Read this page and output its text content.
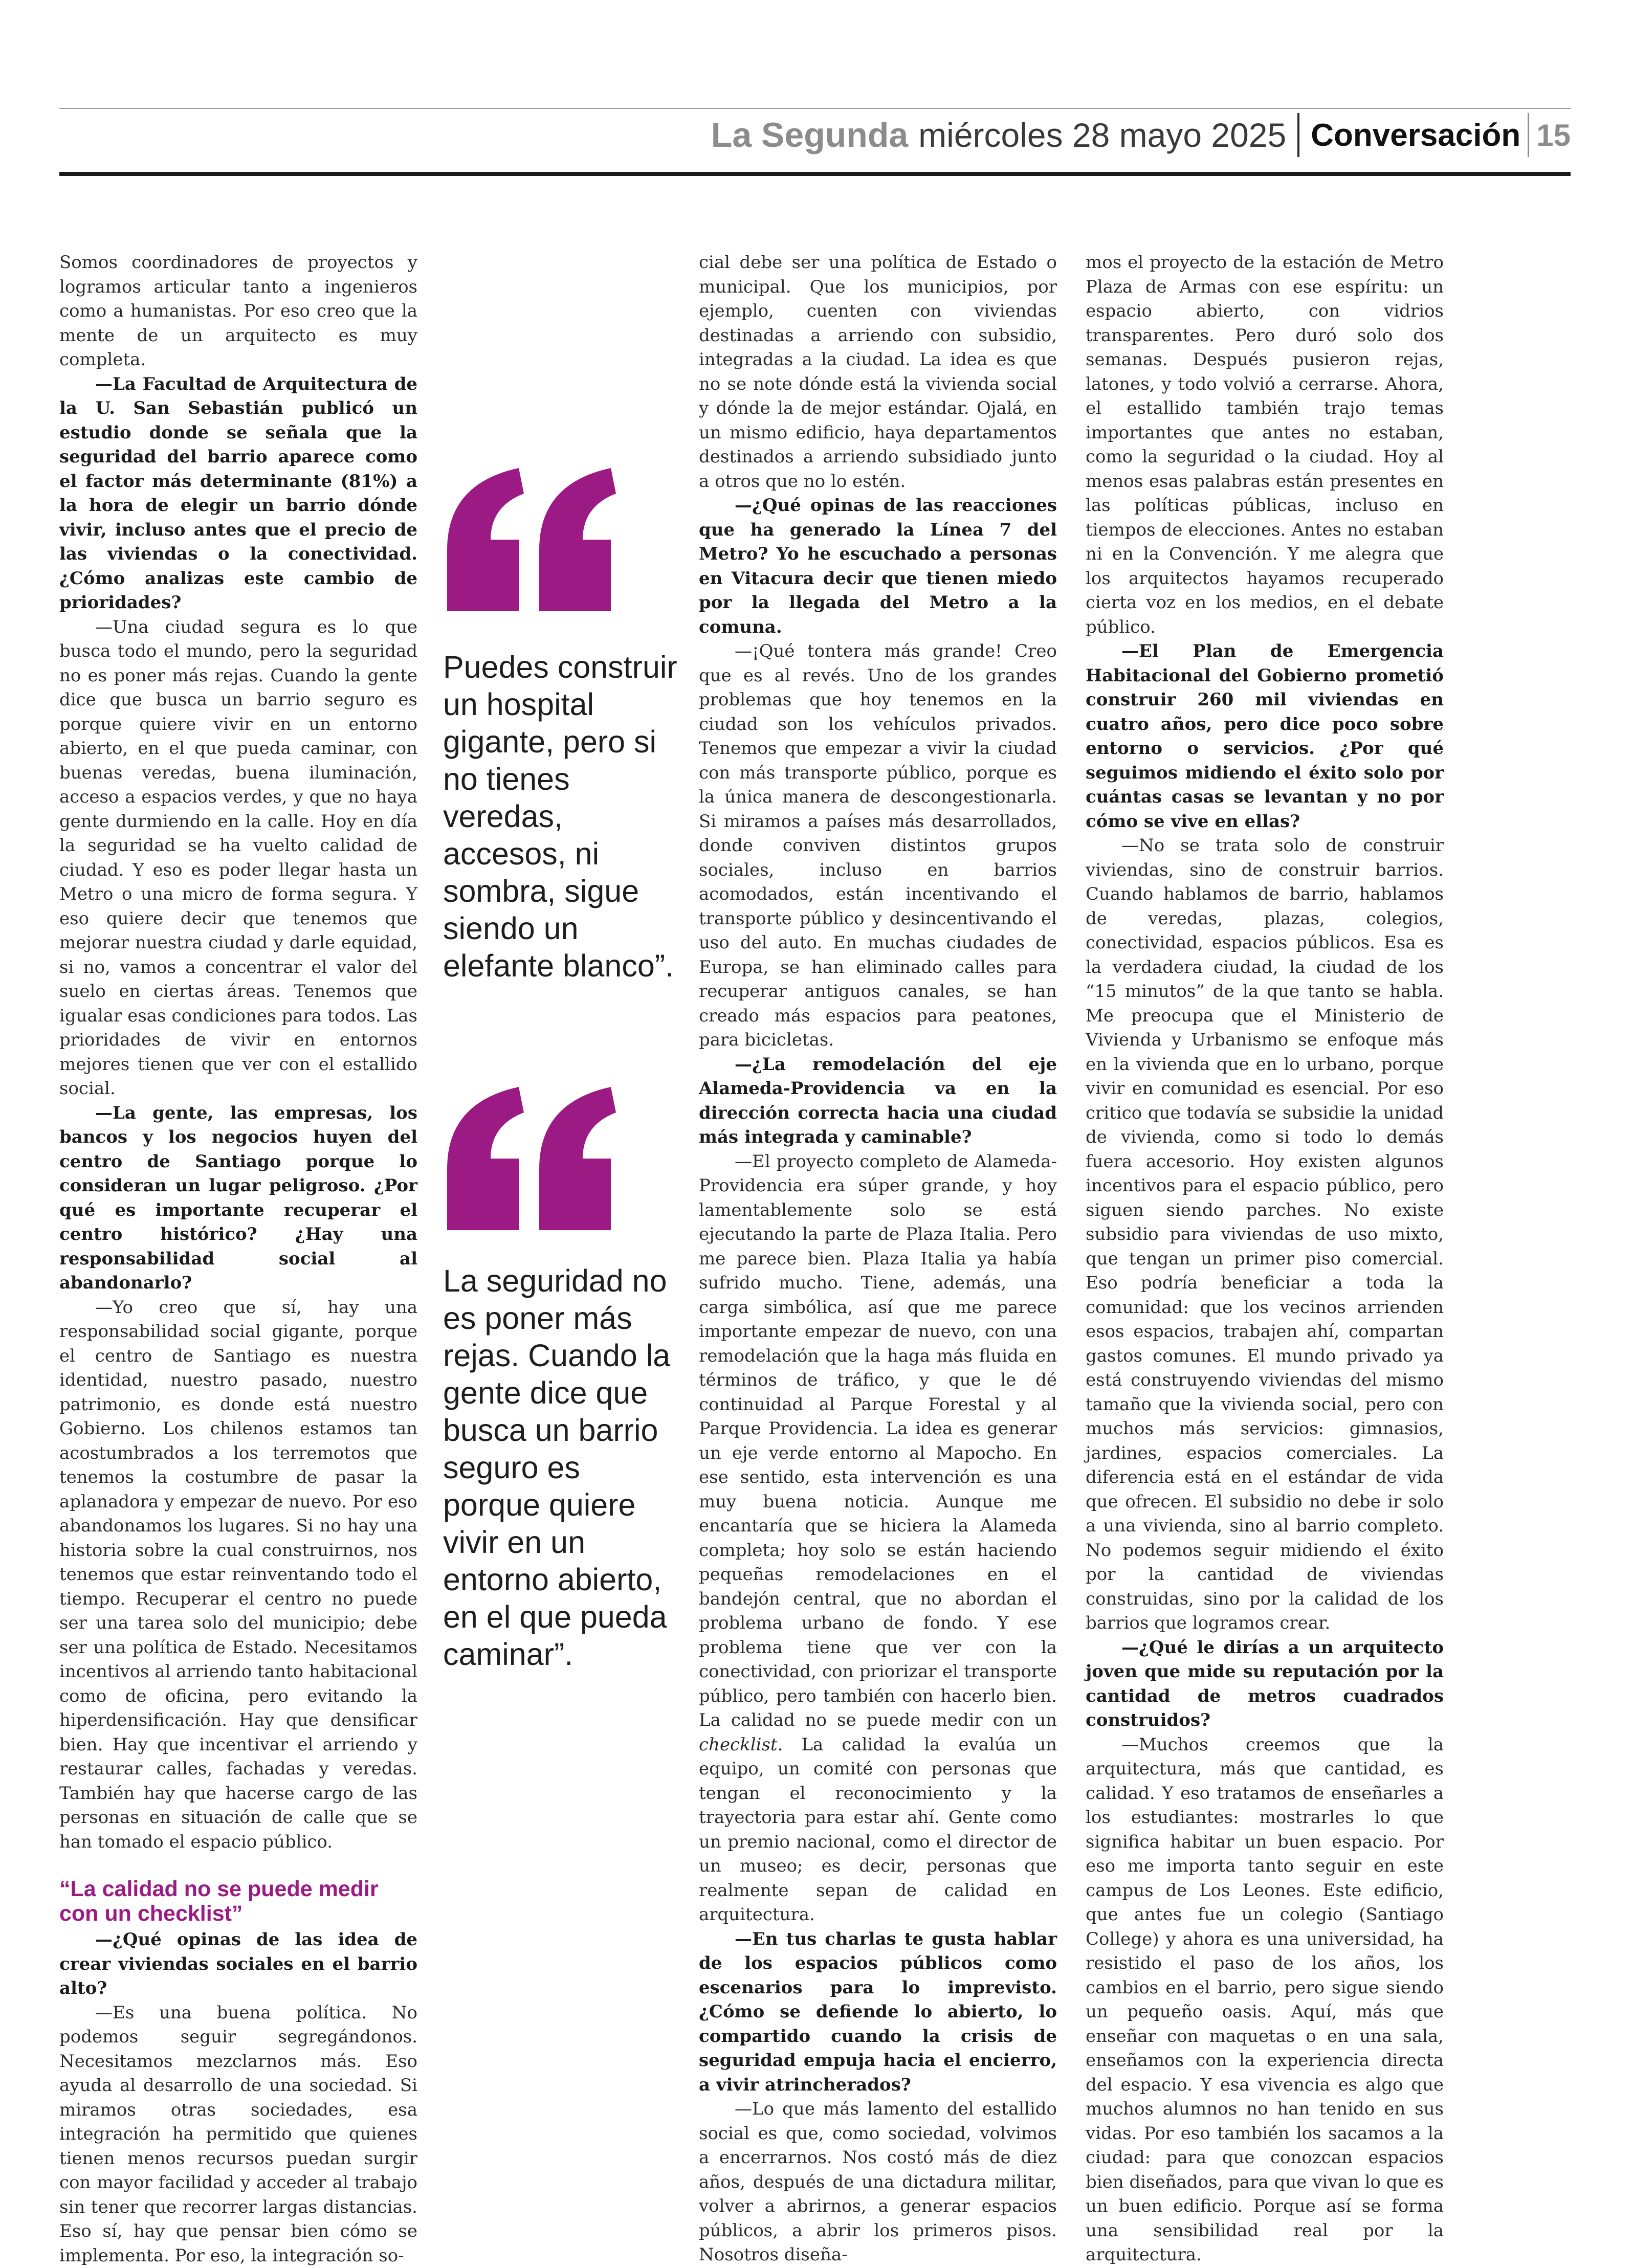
La Segunda miércoles 28 mayo 2025 Conversación 15

Somos coordinadores de proyectos y logramos articular tanto a ingenieros como a humanistas. Por eso creo que la mente de un arquitecto es muy completa.

—La Facultad de Arquitectura de la U. San Sebastián publicó un estudio donde se señala que la seguridad del barrio aparece como el factor más determinante (81%) a la hora de elegir un barrio dónde vivir, incluso antes que el precio de las viviendas o la conectividad. ¿Cómo analizas este cambio de prioridades?

—Una ciudad segura es lo que busca todo el mundo, pero la seguridad no es poner más rejas. Cuando la gente dice que busca un barrio seguro es porque quiere vivir en un entorno abierto, en el que pueda caminar, con buenas veredas, buena iluminación, acceso a espacios verdes, y que no haya gente durmiendo en la calle. Hoy en día la seguridad se ha vuelto calidad de ciudad. Y eso es poder llegar hasta un Metro o una micro de forma segura. Y eso quiere decir que tenemos que mejorar nuestra ciudad y darle equidad, si no, vamos a concentrar el valor del suelo en ciertas áreas. Tenemos que igualar esas condiciones para todos. Las prioridades de vivir en entornos mejores tienen que ver con el estallido social.

—La gente, las empresas, los bancos y los negocios huyen del centro de Santiago porque lo consideran un lugar peligroso. ¿Por qué es importante recuperar el centro histórico? ¿Hay una responsabilidad social al abandonarlo?

—Yo creo que sí, hay una responsabilidad social gigante, porque el centro de Santiago es nuestra identidad, nuestro pasado, nuestro patrimonio, es donde está nuestro Gobierno. Los chilenos estamos tan acostumbrados a los terremotos que tenemos la costumbre de pasar la aplanadora y empezar de nuevo. Por eso abandonamos los lugares. Si no hay una historia sobre la cual construirnos, nos tenemos que estar reinventando todo el tiempo. Recuperar el centro no puede ser una tarea solo del municipio; debe ser una política de Estado. Necesitamos incentivos al arriendo tanto habitacional como de oficina, pero evitando la hiperdensificación. Hay que densificar bien. Hay que incentivar el arriendo y restaurar calles, fachadas y veredas. También hay que hacerse cargo de las personas en situación de calle que se han tomado el espacio público.

“La calidad no se puede medir con un checklist”

—¿Qué opinas de las idea de crear viviendas sociales en el barrio alto?

—Es una buena política. No podemos seguir segregándonos. Necesitamos mezclarnos más. Eso ayuda al desarrollo de una sociedad. Si miramos otras sociedades, esa integración ha permitido que quienes tienen menos recursos puedan surgir con mayor facilidad y acceder al trabajo sin tener que recorrer largas distancias. Eso sí, hay que pensar bien cómo se implementa. Por eso, la integración so-

Puedes construir un hospital gigante, pero si no tienes veredas, accesos, ni sombra, sigue siendo un elefante blanco”.
La seguridad no es poner más rejas. Cuando la gente dice que busca un barrio seguro es porque quiere vivir en un entorno abierto, en el que pueda caminar”.

cial debe ser una política de Estado o municipal. Que los municipios, por ejemplo, cuenten con viviendas destinadas a arriendo con subsidio, integradas a la ciudad. La idea es que no se note dónde está la vivienda social y dónde la de mejor estándar. Ojalá, en un mismo edificio, haya departamentos destinados a arriendo subsidiado junto a otros que no lo estén.

—¿Qué opinas de las reacciones que ha generado la Línea 7 del Metro? Yo he escuchado a personas en Vitacura decir que tienen miedo por la llegada del Metro a la comuna.

—¡Qué tontera más grande! Creo que es al revés. Uno de los grandes problemas que hoy tenemos en la ciudad son los vehículos privados. Tenemos que empezar a vivir la ciudad con más transporte público, porque es la única manera de descongestionarla. Si miramos a países más desarrollados, donde conviven distintos grupos sociales, incluso en barrios acomodados, están incentivando el transporte público y desincentivando el uso del auto. En muchas ciudades de Europa, se han eliminado calles para recuperar antiguos canales, se han creado más espacios para peatones, para bicicletas.

—¿La remodelación del eje Alameda-Providencia va en la dirección correcta hacia una ciudad más integrada y caminable?

—El proyecto completo de Alameda-Providencia era súper grande, y hoy lamentablemente solo se está ejecutando la parte de Plaza Italia. Pero me parece bien. Plaza Italia ya había sufrido mucho. Tiene, además, una carga simbólica, así que me parece importante empezar de nuevo, con una remodelación que la haga más fluida en términos de tráfico, y que le dé continuidad al Parque Forestal y al Parque Providencia. La idea es generar un eje verde entorno al Mapocho. En ese sentido, esta intervención es una muy buena noticia. Aunque me encantaría que se hiciera la Alameda completa; hoy solo se están haciendo pequeñas remodelaciones en el bandejón central, que no abordan el problema urbano de fondo. Y ese problema tiene que ver con la conectividad, con priorizar el transporte público, pero también con hacerlo bien. La calidad no se puede medir con un checklist. La calidad la evalúa un equipo, un comité con personas que tengan el reconocimiento y la trayectoria para estar ahí. Gente como un premio nacional, como el director de un museo; es decir, personas que realmente sepan de calidad en arquitectura.

—En tus charlas te gusta hablar de los espacios públicos como escenarios para lo imprevisto. ¿Cómo se defiende lo abierto, lo compartido cuando la crisis de seguridad empuja hacia el encierro, a vivir atrincherados?

—Lo que más lamento del estallido social es que, como sociedad, volvimos a encerrarnos. Nos costó más de diez años, después de una dictadura militar, volver a abrirnos, a generar espacios públicos, a abrir los primeros pisos. Nosotros diseña-

mos el proyecto de la estación de Metro Plaza de Armas con ese espíritu: un espacio abierto, con vidrios transparentes. Pero duró solo dos semanas. Después pusieron rejas, latones, y todo volvió a cerrarse. Ahora, el estallido también trajo temas importantes que antes no estaban, como la seguridad o la ciudad. Hoy al menos esas palabras están presentes en las políticas públicas, incluso en tiempos de elecciones. Antes no estaban ni en la Convención. Y me alegra que los arquitectos hayamos recuperado cierta voz en los medios, en el debate público.

—El Plan de Emergencia Habitacional del Gobierno prometió construir 260 mil viviendas en cuatro años, pero dice poco sobre entorno o servicios. ¿Por qué seguimos midiendo el éxito solo por cuántas casas se levantan y no por cómo se vive en ellas?

—No se trata solo de construir viviendas, sino de construir barrios. Cuando hablamos de barrio, hablamos de veredas, plazas, colegios, conectividad, espacios públicos. Esa es la verdadera ciudad, la ciudad de los “15 minutos” de la que tanto se habla. Me preocupa que el Ministerio de Vivienda y Urbanismo se enfoque más en la vivienda que en lo urbano, porque vivir en comunidad es esencial. Por eso critico que todavía se subsidie la unidad de vivienda, como si todo lo demás fuera accesorio. Hoy existen algunos incentivos para el espacio público, pero siguen siendo parches. No existe subsidio para viviendas de uso mixto, que tengan un primer piso comercial. Eso podría beneficiar a toda la comunidad: que los vecinos arrienden esos espacios, trabajen ahí, compartan gastos comunes. El mundo privado ya está construyendo viviendas del mismo tamaño que la vivienda social, pero con muchos más servicios: gimnasios, jardines, espacios comerciales. La diferencia está en el estándar de vida que ofrecen. El subsidio no debe ir solo a una vivienda, sino al barrio completo. No podemos seguir midiendo el éxito por la cantidad de viviendas construidas, sino por la calidad de los barrios que logramos crear.

—¿Qué le dirías a un arquitecto joven que mide su reputación por la cantidad de metros cuadrados construidos?

—Muchos creemos que la arquitectura, más que cantidad, es calidad. Y eso tratamos de enseñarles a los estudiantes: mostrarles lo que significa habitar un buen espacio. Por eso me importa tanto seguir en este campus de Los Leones. Este edificio, que antes fue un colegio (Santiago College) y ahora es una universidad, ha resistido el paso de los años, los cambios en el barrio, pero sigue siendo un pequeño oasis. Aquí, más que enseñar con maquetas o en una sala, enseñamos con la experiencia directa del espacio. Y esa vivencia es algo que muchos alumnos no han tenido en sus vidas. Por eso también los sacamos a la ciudad: para que conozcan espacios bien diseñados, para que vivan lo que es un buen edificio. Porque así se forma una sensibilidad real por la arquitectura.
